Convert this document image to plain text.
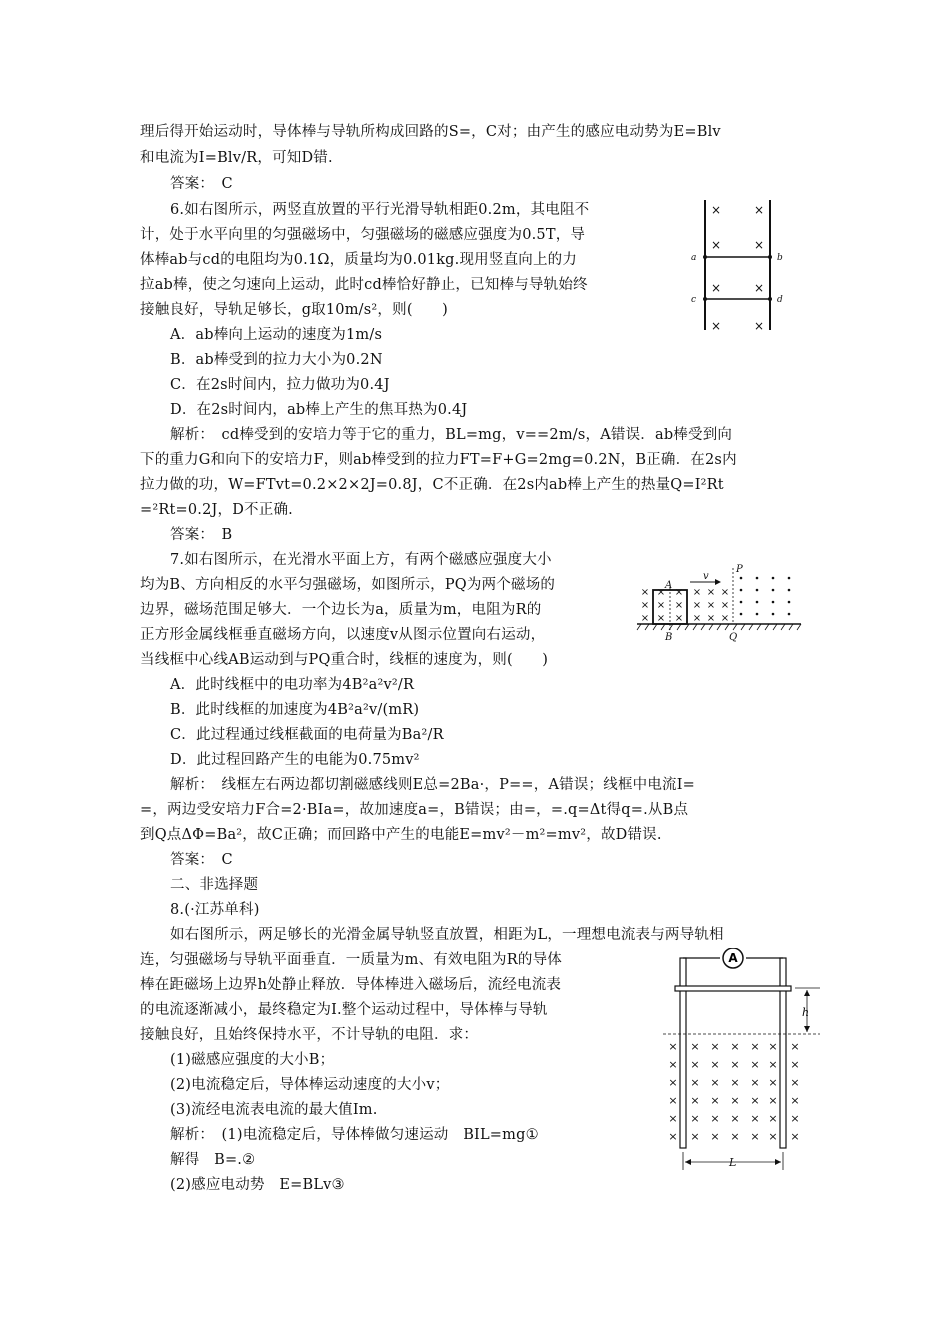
理后得开始运动时，导体棒与导轨所构成回路的S=，C对；由产生的感应电动势为E=Blv
和电流为I=Blv/R，可知D错.
答案：　C
6.如右图所示，两竖直放置的平行光滑导轨相距0.2m，其电阻不
计，处于水平向里的匀强磁场中，匀强磁场的磁感应强度为0.5T，导
体棒ab与cd的电阻均为0.1Ω，质量均为0.01kg.现用竖直向上的力
拉ab棒，使之匀速向上运动，此时cd棒恰好静止，已知棒与导轨始终
接触良好，导轨足够长，g取10m/s²，则(　　)
A．ab棒向上运动的速度为1m/s
B．ab棒受到的拉力大小为0.2N
C．在2s时间内，拉力做功为0.4J
D．在2s时间内，ab棒上产生的焦耳热为0.4J
解析：　cd棒受到的安培力等于它的重力，BL=mg，v==2m/s，A错误．ab棒受到向
下的重力G和向下的安培力F，则ab棒受到的拉力FT=F+G=2mg=0.2N，B正确．在2s内
拉力做的功，W=FTvt=0.2×2×2J=0.8J，C不正确．在2s内ab棒上产生的热量Q=I²Rt
=²Rt=0.2J，D不正确.
答案：　B
7.如右图所示，在光滑水平面上方，有两个磁感应强度大小
均为B、方向相反的水平匀强磁场，如图所示，PQ为两个磁场的
边界，磁场范围足够大．一个边长为a，质量为m，电阻为R的
正方形金属线框垂直磁场方向，以速度v从图示位置向右运动，
当线框中心线AB运动到与PQ重合时，线框的速度为，则(　　)
A．此时线框中的电功率为4B²a²v²/R
B．此时线框的加速度为4B²a²v/(mR)
C．此过程通过线框截面的电荷量为Ba²/R
D．此过程回路产生的电能为0.75mv²
解析：　线框左右两边都切割磁感线则E总=2Ba·，P==，A错误；线框中电流I=
=，两边受安培力F合=2·BIa=，故加速度a=，B错误；由=，=.q=Δt得q=.从B点
到Q点ΔΦ=Ba²，故C正确；而回路中产生的电能E=mv²－m²=mv²，故D错误.
答案：　C
二、非选择题
8.(·江苏单科)
如右图所示，两足够长的光滑金属导轨竖直放置，相距为L，一理想电流表与两导轨相
连，匀强磁场与导轨平面垂直．一质量为m、有效电阻为R的导体
棒在距磁场上边界h处静止释放．导体棒进入磁场后，流经电流表
的电流逐渐减小，最终稳定为I.整个运动过程中，导体棒与导轨
接触良好，且始终保持水平，不计导轨的电阻．求：
(1)磁感应强度的大小B；
(2)电流稳定后，导体棒运动速度的大小v；
(3)流经电流表电流的最大值Im.
解析：　(1)电流稳定后，导体棒做匀速运动　BIL=mg①
解得　B=.②
(2)感应电动势　E=BLv③
×	×
×	×
×	×
×	×
a	b
c	d
× × × × × ×
× × × × × ×
× × × × × ×
v
A
P
B	Q
A
h
× × × × × × ×
× × × × × × ×
× × × × × × ×
× × × × × × ×
× × × × × × ×
× × × × × × ×
L
